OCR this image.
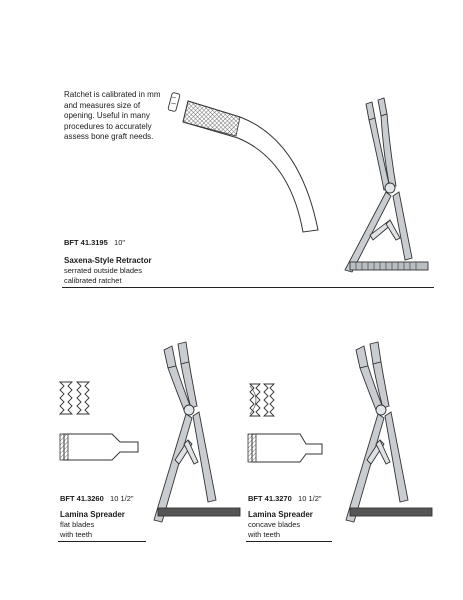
Ratchet is calibrated in mm
and measures size of
opening. Useful in many
procedures to accurately
assess bone graft needs.
BFT 41.3195 10"
Saxena-Style Retractor
serrated outside blades
calibrated ratchet
BFT 41.3260 10 1/2"
Lamina Spreader
flat blades
with teeth
BFT 41.3270 10 1/2"
Lamina Spreader
concave blades
with teeth
